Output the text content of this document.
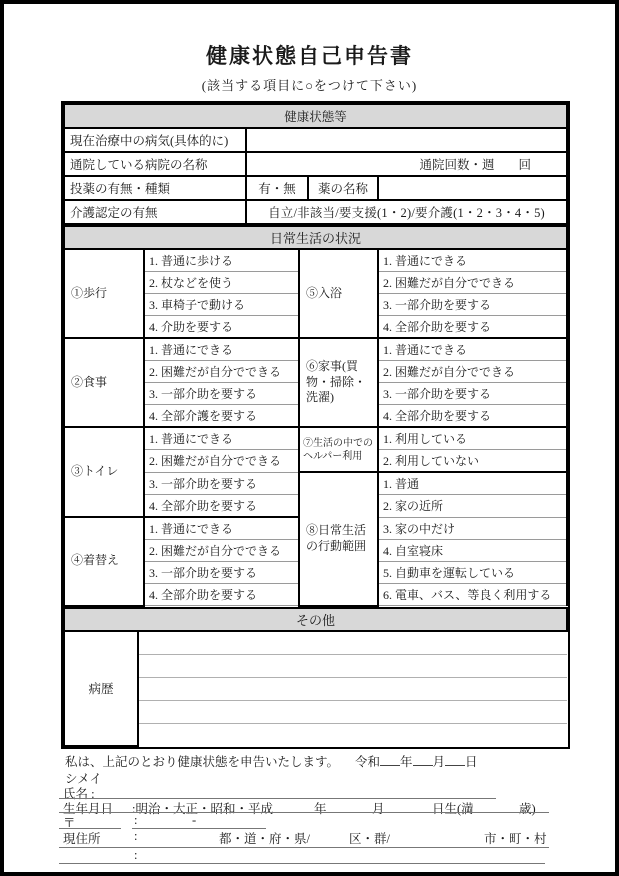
健康状態自己申告書
(該当する項目に○をつけて下さい)
健康状態等			
現在治療中の病気(具体的に)			
通院している病院の名称	通院回数・週 回		
投薬の有無・種類	有・無	薬の名称	
介護認定の有無	自立/非該当/要支援(1・2)/要介護(1・2・3・4・5)		
日常生活の状況			
①歩行	1. 普通に歩ける	⑤入浴	1. 普通にできる
	2. 杖などを使う		2. 困難だが自分でできる
	3. 車椅子で動ける		3. 一部介助を要する
	4. 介助を要する		4. 全部介助を要する
②食事	1. 普通にできる	⑥家事(買物・掃除・洗濯)	1. 普通にできる
	2. 困難だが自分でできる		2. 困難だが自分でできる
	3. 一部介助を要する		3. 一部介助を要する
	4. 全部介護を要する		4. 全部介助を要する
③トイレ	1. 普通にできる	⑦生活の中でのヘルパー利用	1. 利用している
	2. 困難だが自分でできる		2. 利用していない
	3. 一部介助を要する	⑧日常生活の行動範囲	1. 普通
	4. 全部介助を要する		2. 家の近所
④着替え	1. 普通にできる		3. 家の中だけ
	2. 困難だが自分でできる		4. 自室寝床
	3. 一部介助を要する		5. 自動車を運転している
	4. 全部介助を要する		6. 電車、バス、等良く利用する
その他
病歴	

私は、上記のとおり健康状態を申告いたします。 令和 年 月 日
シメイ
氏名 :
生年月日 :明治・大正・昭和・平成	年	月	日生(満	歳)
〒	:	-
現住所	:	都・道・府・県/	区・群/	市・町・村
:
